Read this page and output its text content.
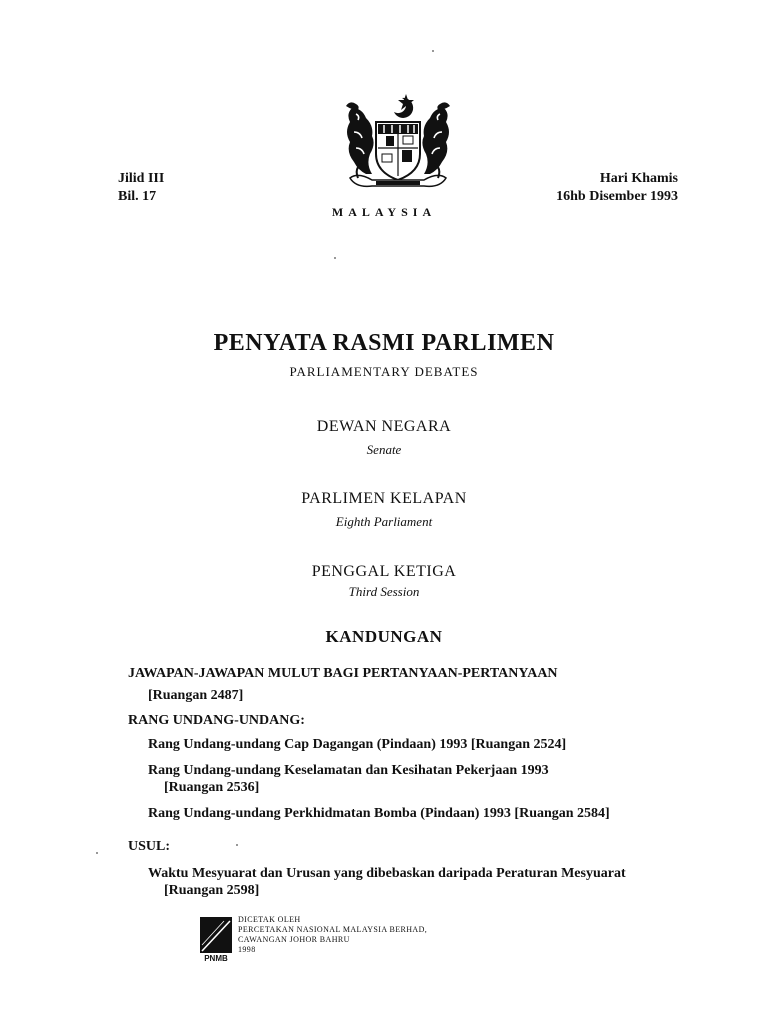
Jilid III
Bil. 17
Hari Khamis
16hb Disember 1993
MALAYSIA
PENYATA RASMI PARLIMEN
PARLIAMENTARY DEBATES
DEWAN NEGARA
Senate
PARLIMEN KELAPAN
Eighth Parliament
PENGGAL KETIGA
Third Session
KANDUNGAN
JAWAPAN-JAWAPAN MULUT BAGI PERTANYAAN-PERTANYAAN
[Ruangan 2487]
RANG UNDANG-UNDANG:
Rang Undang-undang Cap Dagangan (Pindaan) 1993 [Ruangan 2524]
Rang Undang-undang Keselamatan dan Kesihatan Pekerjaan 1993
[Ruangan 2536]
Rang Undang-undang Perkhidmatan Bomba (Pindaan) 1993 [Ruangan 2584]
USUL:
Waktu Mesyuarat dan Urusan yang dibebaskan daripada Peraturan Mesyuarat
[Ruangan 2598]
PNMB
DICETAK OLEH
PERCETAKAN NASIONAL MALAYSIA BERHAD,
CAWANGAN JOHOR BAHRU
1998
